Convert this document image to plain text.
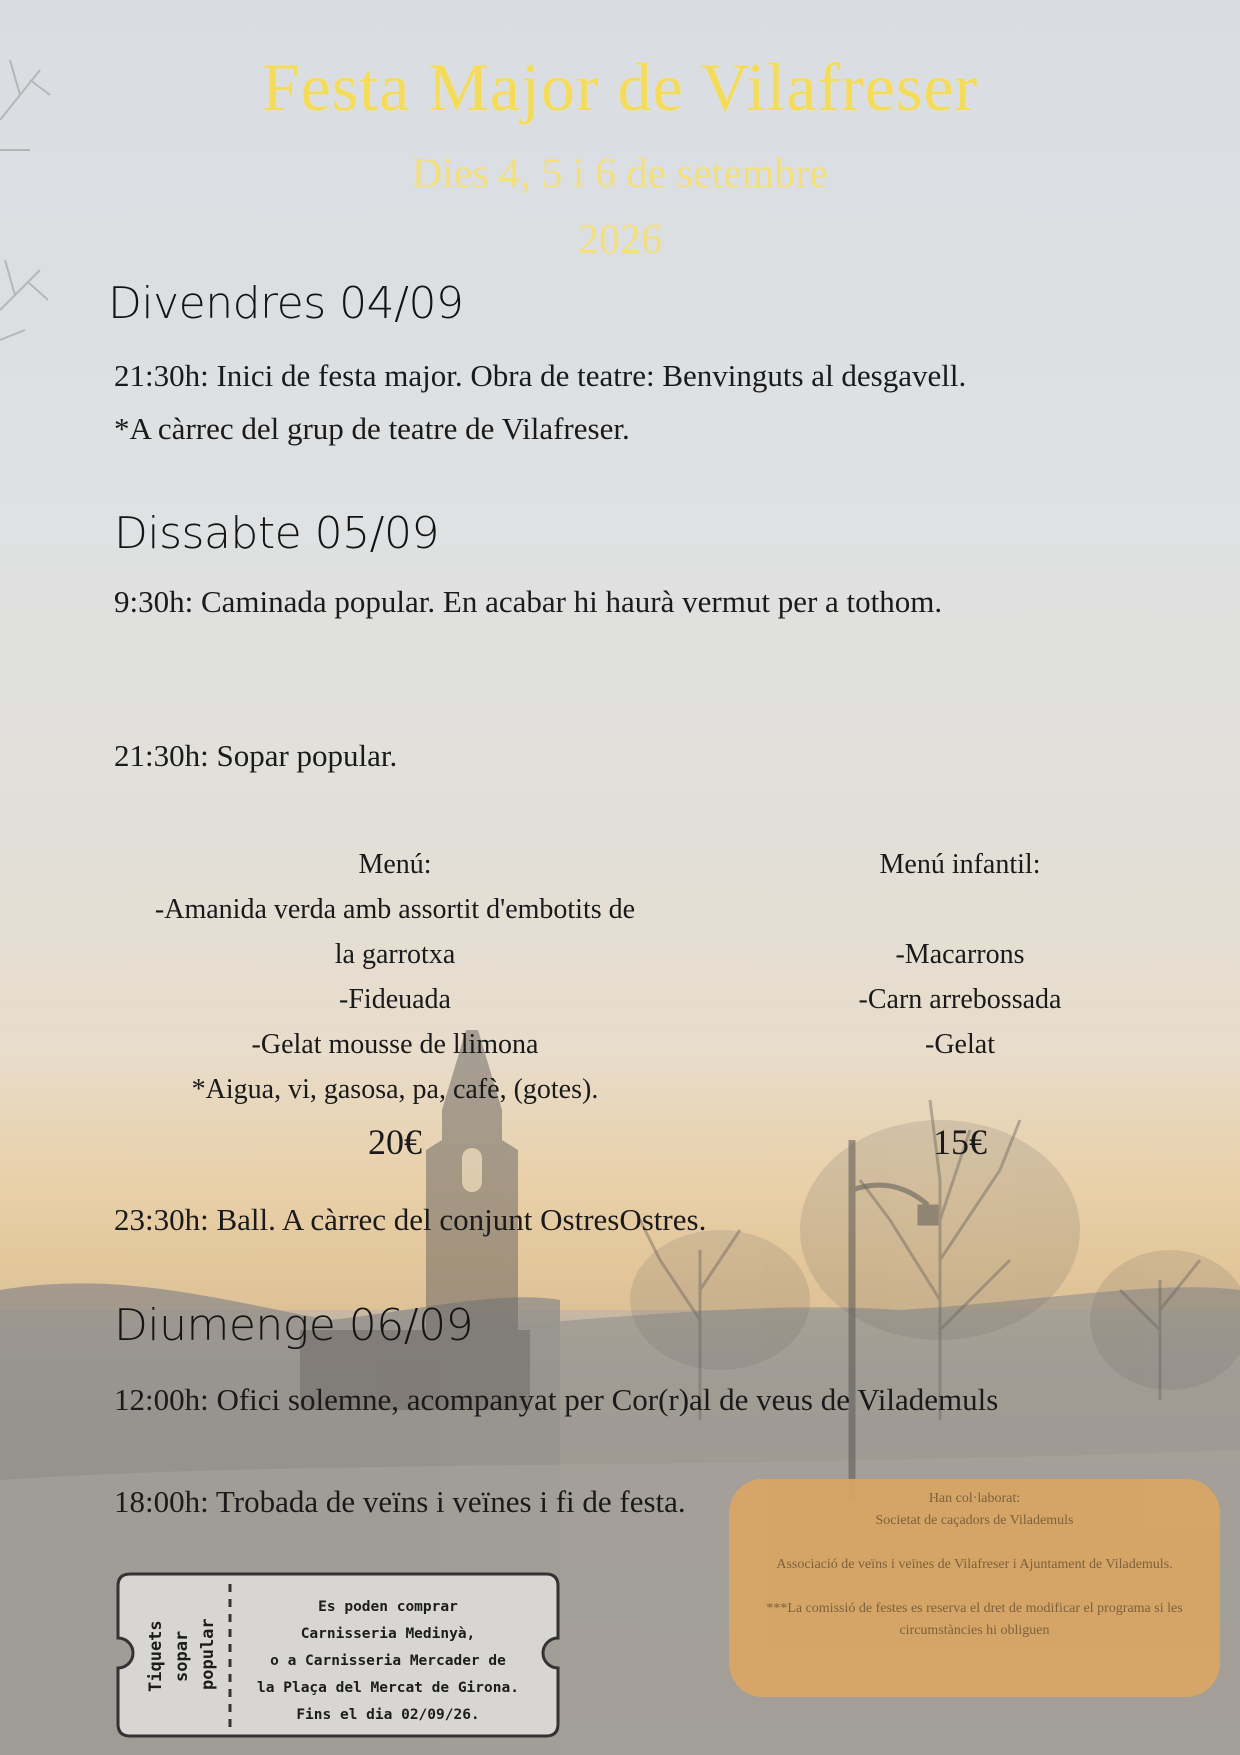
Festa Major de Vilafreser
Dies 4, 5 i 6 de setembre
2026
Divendres 04/09
21:30h: Inici de festa major. Obra de teatre: Benvinguts al desgavell.
*A càrrec del grup de teatre de Vilafreser.
Dissabte 05/09
9:30h: Caminada popular. En acabar hi haurà vermut per a tothom.
21:30h: Sopar popular.
Menú:
-Amanida verda amb assortit d'embotits de
la garrotxa
-Fideuada
-Gelat mousse de llimona
*Aigua, vi, gasosa, pa, cafè, (gotes).
20€
Menú infantil:

-Macarrons
-Carn arrebossada
-Gelat

15€
23:30h: Ball. A càrrec del conjunt OstresOstres.
Diumenge 06/09
12:00h: Ofici solemne, acompanyat per Cor(r)al de veus de Vilademuls
18:00h: Trobada de veïns i veïnes i fi de festa.
Tiquets sopar popular
Es poden comprar
Carnisseria Medinyà,
o a Carnisseria Mercader de
la Plaça del Mercat de Girona.
Fins el dia 02/09/26.
Han col·laborat:
Societat de caçadors de Vilademuls
Associació de veïns i veïnes de Vilafreser i Ajuntament de Vilademuls.
***La comissió de festes es reserva el dret de modificar el programa si les circumstàncies hi obliguen
